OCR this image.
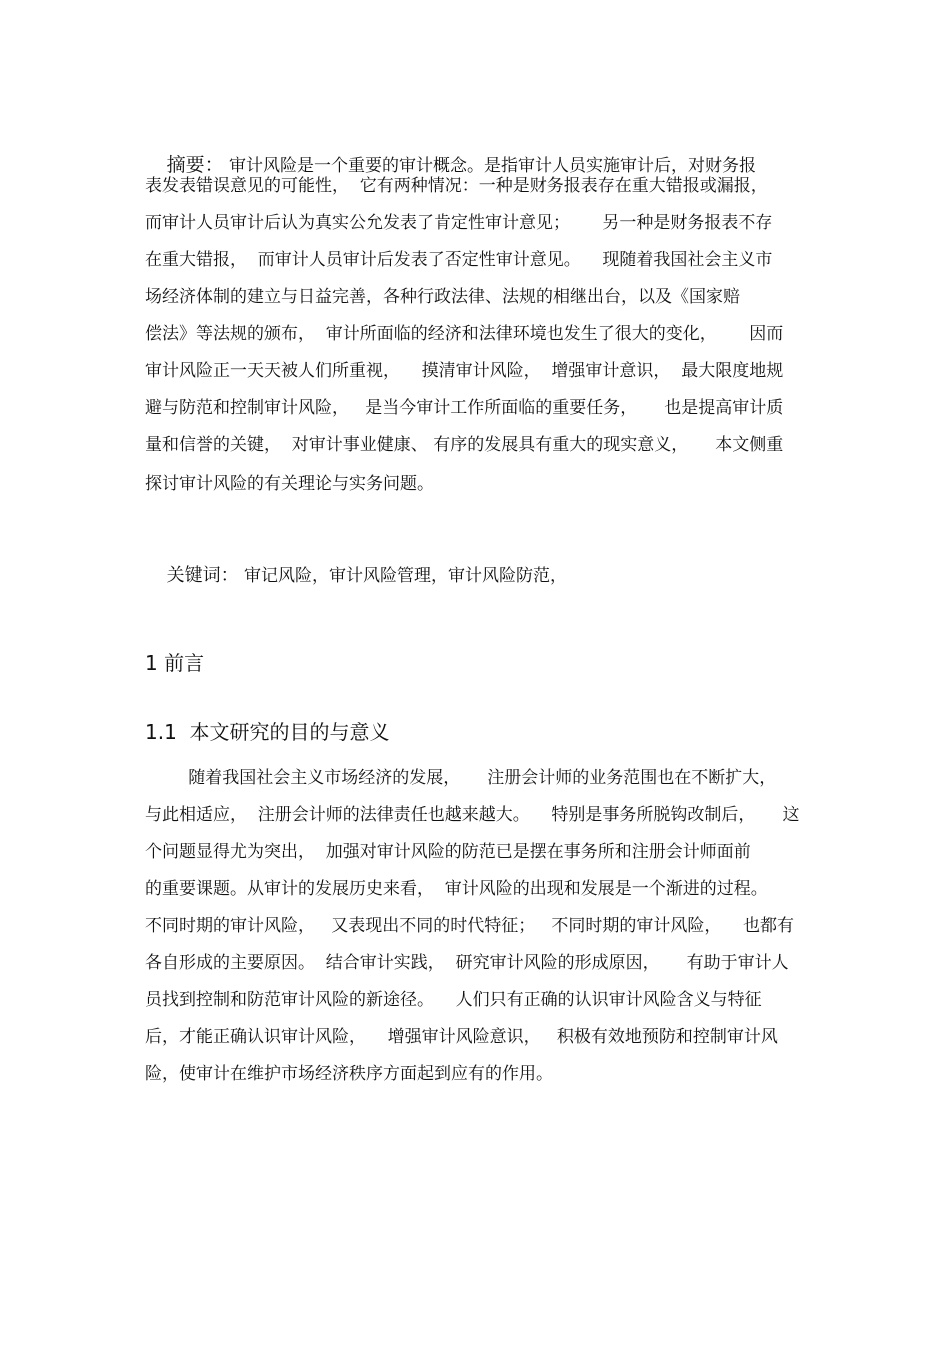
摘要： 审计风险是一个重要的审计概念。是指审计人员实施审计后，对财务报

表发表错误意见的可能性，  它有两种情况：一种是财务报表存在重大错报或漏报，
而审计人员审计后认为真实公允发表了肯定性审计意见；      另一种是财务报表不存
在重大错报，  而审计人员审计后发表了否定性审计意见。    现随着我国社会主义市
场经济体制的建立与日益完善，各种行政法律、法规的相继出台，以及《国家赔
偿法》等法规的颁布，  审计所面临的经济和法律环境也发生了很大的变化，      因而
审计风险正一天天被人们所重视，    摸清审计风险，  增强审计意识，  最大限度地规
避与防范和控制审计风险，   是当今审计工作所面临的重要任务，     也是提高审计质
量和信誉的关键，  对审计事业健康、 有序的发展具有重大的现实意义，     本文侧重
探讨审计风险的有关理论与实务问题。

关键词： 审记风险，审计风险管理，审计风险防范，

1 前言
1.1  本文研究的目的与意义
随着我国社会主义市场经济的发展，     注册会计师的业务范围也在不断扩大，
与此相适应，  注册会计师的法律责任也越来越大。    特别是事务所脱钩改制后，     这
个问题显得尤为突出，  加强对审计风险的防范已是摆在事务所和注册会计师面前
的重要课题。从审计的发展历史来看，  审计风险的出现和发展是一个渐进的过程。
不同时期的审计风险，   又表现出不同的时代特征；   不同时期的审计风险，    也都有
各自形成的主要原因。  结合审计实践，  研究审计风险的形成原因，     有助于审计人
员找到控制和防范审计风险的新途径。    人们只有正确的认识审计风险含义与特征
后，才能正确认识审计风险，    增强审计风险意识，   积极有效地预防和控制审计风
险，使审计在维护市场经济秩序方面起到应有的作用。
